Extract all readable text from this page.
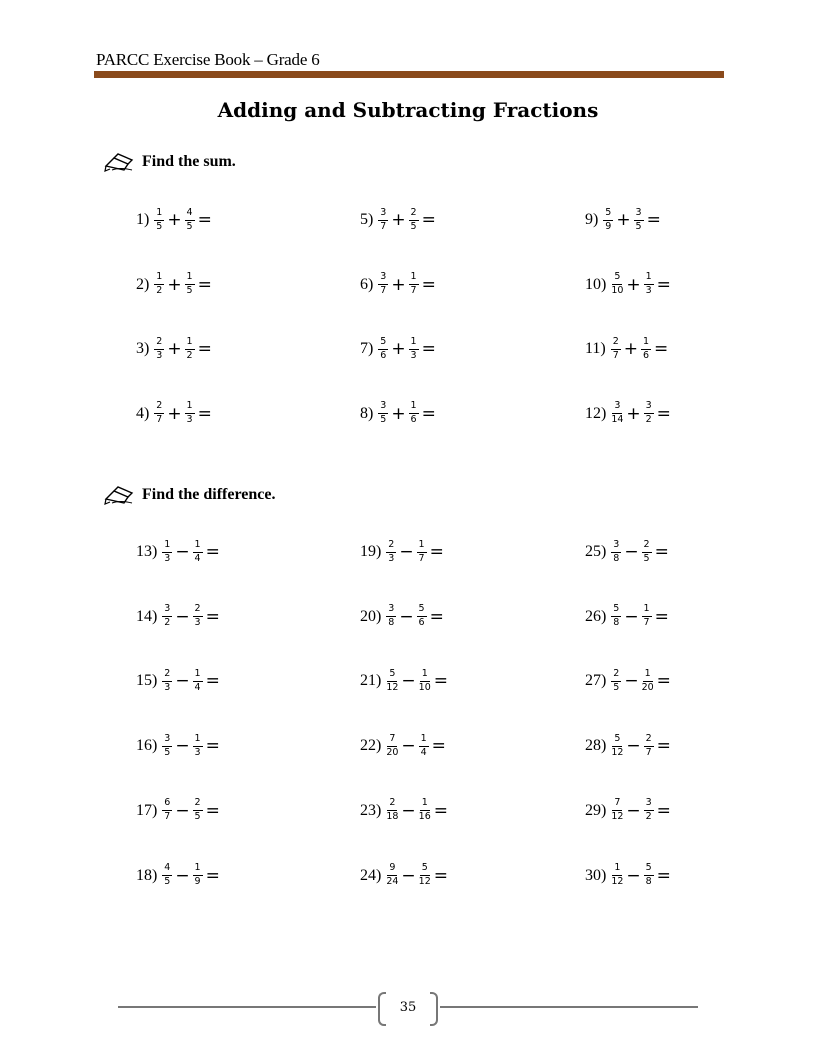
PARCC Exercise Book – Grade 6
Adding and Subtracting Fractions
Find the sum.
Find the difference.
$1) \frac{1}{5} + \frac{4}{5}$ =
$2) \frac{1}{2} + \frac{1}{5}$ =
$3) \frac{2}{3} + \frac{1}{2}$ =
$4) \frac{2}{7} + \frac{1}{3}$ =
$5) \frac{3}{7} + \frac{2}{5}$ =
$6) \frac{3}{7} + \frac{1}{7}$ =
$7) \frac{5}{6} + \frac{1}{3}$ =
$8) \frac{3}{5} + \frac{1}{6}$ =
$9) \frac{5}{9} + \frac{3}{5}$ =
$10) \frac{5}{10} + \frac{1}{3}$ =
$11) \frac{2}{7} + \frac{1}{6}$ =
$12) \frac{3}{14} + \frac{3}{2}$ =
$13) \frac{1}{3} - \frac{1}{4}$ =
$14) \frac{3}{2} - \frac{2}{3}$ =
$15) \frac{2}{3} - \frac{1}{4}$ =
$16) \frac{3}{5} - \frac{1}{3}$ =
$17) \frac{6}{7} - \frac{2}{5}$ =
$18) \frac{4}{5} - \frac{1}{9}$ =
$19) \frac{2}{3} - \frac{1}{7}$ =
$20) \frac{3}{8} - \frac{5}{6}$ =
$21) \frac{5}{12} - \frac{1}{10}$ =
$22) \frac{7}{20} - \frac{1}{4}$ =
$23) \frac{2}{18} - \frac{1}{16}$ =
$24) \frac{9}{24} - \frac{5}{12}$ =
$25) \frac{3}{8} - \frac{2}{5}$ =
$26) \frac{5}{8} - \frac{1}{7}$ =
$27) \frac{2}{5} - \frac{1}{20}$ =
$28) \frac{5}{12} - \frac{2}{7}$ =
$29) \frac{7}{12} - \frac{3}{2}$ =
$30) \frac{1}{12} - \frac{5}{8}$ =
35
